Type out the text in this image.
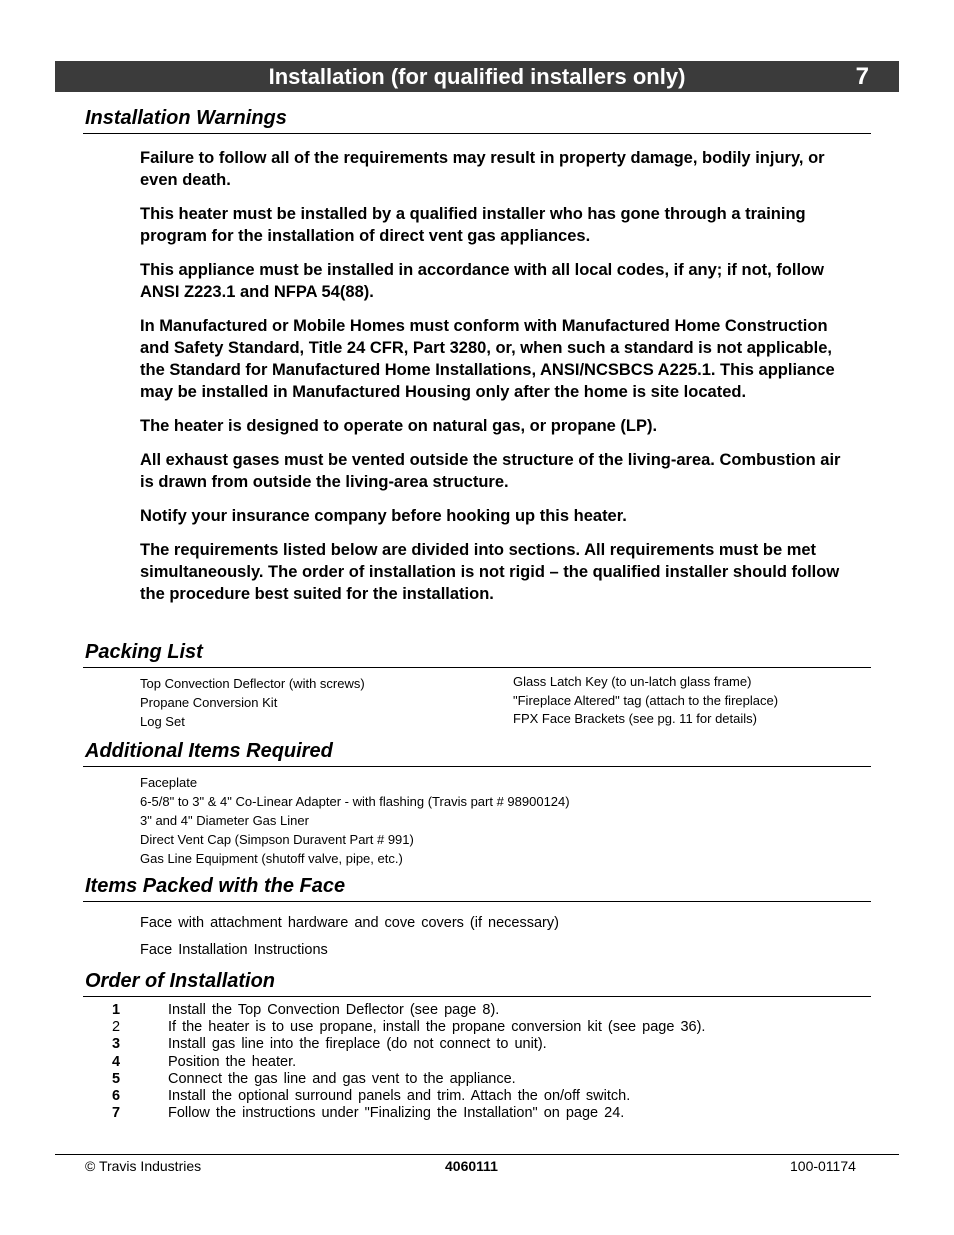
Installation (for qualified installers only)	7
Installation Warnings

Failure to follow all of the requirements may result in property damage, bodily injury, or even death.

This heater must be installed by a qualified installer who has gone through a training program for the installation of direct vent gas appliances.

This appliance must be installed in accordance with all local codes, if any; if not, follow ANSI Z223.1 and NFPA 54(88).

In Manufactured or Mobile Homes must conform with Manufactured Home Construction and Safety Standard, Title 24 CFR, Part 3280, or, when such a standard is not applicable, the Standard for Manufactured Home Installations, ANSI/NCSBCS A225.1. This appliance may be installed in Manufactured Housing only after the home is site located.

The heater is designed to operate on natural gas, or propane (LP).

All exhaust gases must be vented outside the structure of the living-area. Combustion air is drawn from outside the living-area structure.

Notify your insurance company before hooking up this heater.

The requirements listed below are divided into sections. All requirements must be met simultaneously. The order of installation is not rigid – the qualified installer should follow the procedure best suited for the installation.

Packing List
Top Convection Deflector (with screws)
Propane Conversion Kit
Log Set
Glass Latch Key (to un-latch glass frame)
"Fireplace Altered" tag (attach to the fireplace)
FPX Face Brackets (see pg. 11 for details)
Additional Items Required
Faceplate
6-5/8" to 3" & 4" Co-Linear Adapter - with flashing (Travis part # 98900124)
3" and 4" Diameter Gas Liner
Direct Vent Cap (Simpson Duravent Part # 991)
Gas Line Equipment (shutoff valve, pipe, etc.)
Items Packed with the Face
Face with attachment hardware and cove covers (if necessary)
Face Installation Instructions
Order of Installation
1	Install the Top Convection Deflector (see page 8).
2	If the heater is to use propane, install the propane conversion kit (see page 36).
3	Install gas line into the fireplace (do not connect to unit).
4	Position the heater.
5	Connect the gas line and gas vent to the appliance.
6	Install the optional surround panels and trim. Attach the on/off switch.
7	Follow the instructions under "Finalizing the Installation" on page 24.
© Travis Industries	4060111	100-01174
